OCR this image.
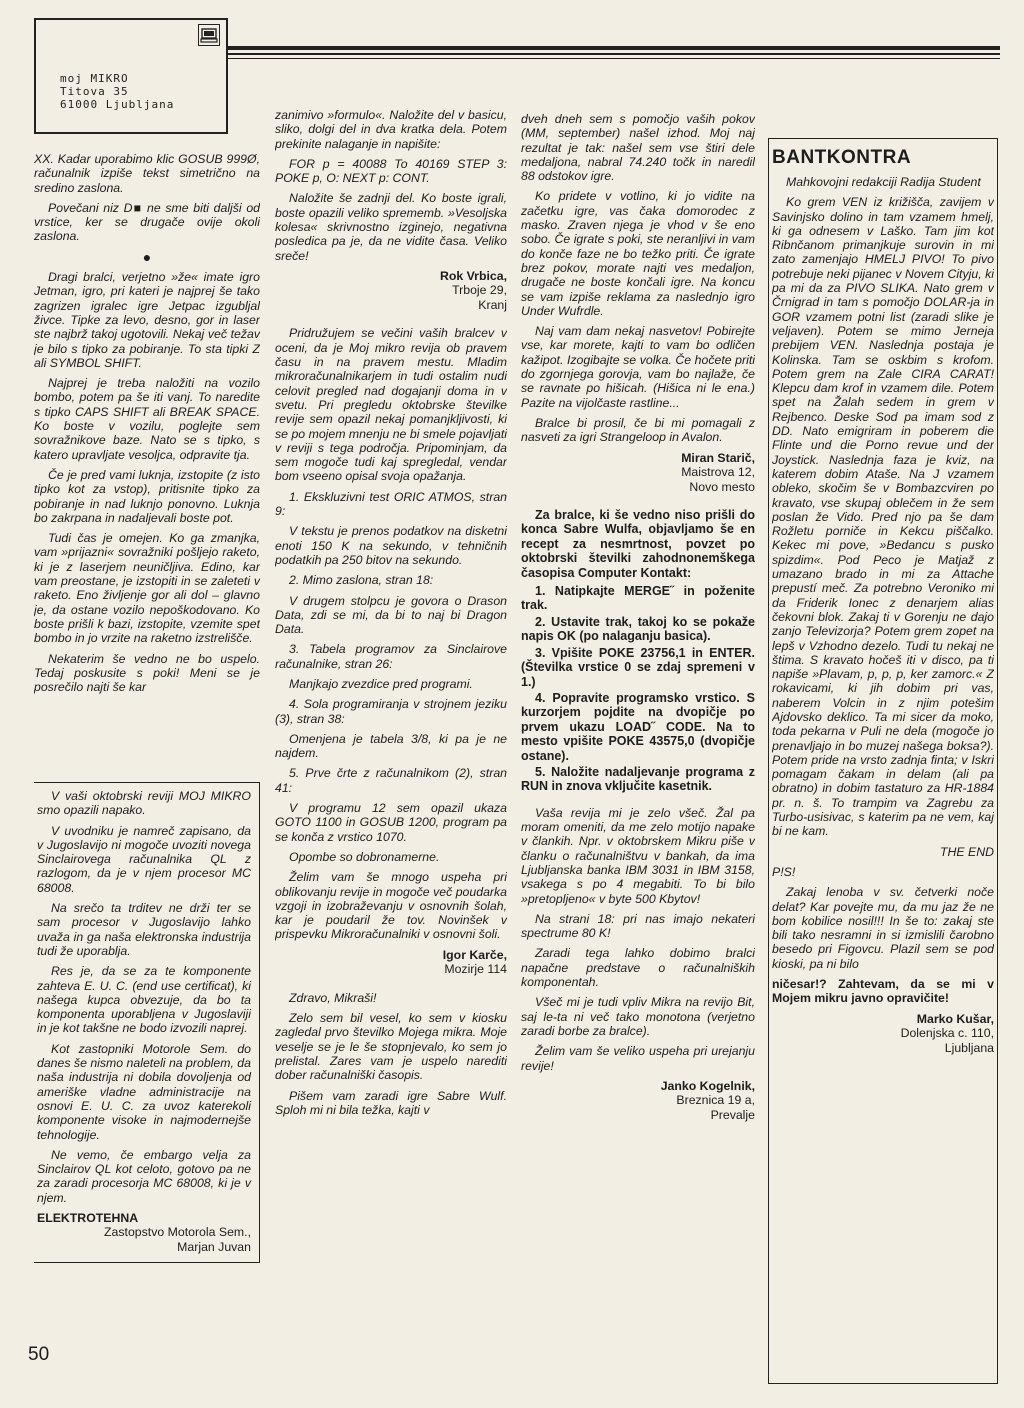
moj MIKRO
Titova 35
61000 Ljubljana

XX. Kadar uporabimo klic GOSUB 999Ø, računalnik izpiše tekst simetrično na sredino zaslona.

Povečani niz D■ ne sme biti daljši od vrstice, ker se drugače ovije okoli zaslona.

●

Dragi bralci, verjetno »že« imate igro Jetman, igro, pri kateri je najprej še tako zagrizen igralec igre Jetpac izgubljal živce. Tipke za levo, desno, gor in laser ste najbrž takoj ugotovili. Nekaj več težav je bilo s tipko za pobiranje. To sta tipki Z ali SYMBOL SHIFT.

Najprej je treba naložiti na vozilo bombo, potem pa še iti vanj. To naredite s tipko CAPS SHIFT ali BREAK SPACE. Ko boste v vozilu, poglejte sem sovražnikove baze. Nato se s tipko, s katero upravljate vesoljca, odpravite tja.

Če je pred vami luknja, izstopite (z isto tipko kot za vstop), pritisnite tipko za pobiranje in nad luknjo ponovno. Luknja bo zakrpana in nadaljevali boste pot.

Tudi čas je omejen. Ko ga zmanjka, vam »prijazni« sovražniki pošljejo raketo, ki je z laserjem neuničljiva. Edino, kar vam preostane, je izstopiti in se zaleteti v raketo. Eno življenje gor ali dol – glavno je, da ostane vozilo nepoškodovano. Ko boste prišli k bazi, izstopite, vzemite spet bombo in jo vrzite na raketno izstrelišče.

Nekaterim še vedno ne bo uspelo. Tedaj poskusite s poki! Meni se je posrečilo najti še kar

V vaši oktobrski reviji MOJ MIKRO smo opazili napako.

V uvodniku je namreč zapisano, da v Jugoslavijo ni mogoče uvoziti novega Sinclairovega računalnika QL z razlogom, da je v njem procesor MC 68008.

Na srečo ta trditev ne drži ter se sam procesor v Jugoslavijo lahko uvaža in ga naša elektronska industrija tudi že uporablja.

Res je, da se za te komponente zahteva E. U. C. (end use certificat), ki našega kupca obvezuje, da bo ta komponenta uporabljena v Jugoslaviji in je kot takšne ne bodo izvozili naprej.

Kot zastopniki Motorole Sem. do danes še nismo naleteli na problem, da naša industrija ni dobila dovoljenja od ameriške vladne administracije na osnovi E. U. C. za uvoz katerekoli komponente visoke in najmodernejše tehnologije.

Ne vemo, če embargo velja za Sinclairov QL kot celoto, gotovo pa ne za zaradi procesorja MC 68008, ki je v njem.

ELEKTROTEHNA
Zastopstvo Motorola Sem.,
Marjan Juvan

zanimivo »formulo«. Naložite del v basicu, sliko, dolgi del in dva kratka dela. Potem prekinite nalaganje in napišite:

FOR p = 40088 To 40169 STEP 3: POKE p, O: NEXT p: CONT.

Naložite še zadnji del. Ko boste igrali, boste opazili veliko sprememb. »Vesoljska kolesa« skrivnostno izginejo, negativna posledica pa je, da ne vidite časa. Veliko sreče!

Rok Vrbica,
Trboje 29,
Kranj

Pridružujem se večini vaših bralcev v oceni, da je Moj mikro revija ob pravem času in na pravem mestu. Mladim mikroračunalnikarjem in tudi ostalim nudi celovit pregled nad dogajanji doma in v svetu. Pri pregledu oktobrske številke revije sem opazil nekaj pomanjkljivosti, ki se po mojem mnenju ne bi smele pojavljati v reviji s tega področja. Pripominjam, da sem mogoče tudi kaj spregledal, vendar bom vseeno opisal svoja opažanja.

1. Ekskluzivni test ORIC ATMOS, stran 9:

V tekstu je prenos podatkov na disketni enoti 150 K na sekundo, v tehničnih podatkih pa 250 bitov na sekundo.

2. Mimo zaslona, stran 18:

V drugem stolpcu je govora o Drason Data, zdi se mi, da bi to naj bi Dragon Data.

3. Tabela programov za Sinclairove računalnike, stran 26:

Manjkajo zvezdice pred programi.

4. Sola programiranja v strojnem jeziku (3), stran 38:

Omenjena je tabela 3/8, ki pa je ne najdem.

5. Prve črte z računalnikom (2), stran 41:

V programu 12 sem opazil ukaza GOTO 1100 in GOSUB 1200, program pa se konča z vrstico 1070.

Opombe so dobronamerne.

Želim vam še mnogo uspeha pri oblikovanju revije in mogoče več poudarka vzgoji in izobraževanju v osnovnih šolah, kar je poudaril že tov. Novinšek v prispevku Mikroračunalniki v osnovni šoli.

Igor Karče,
Mozirje 114

Zdravo, Mikraši!

Zelo sem bil vesel, ko sem v kiosku zagledal prvo številko Mojega mikra. Moje veselje se je le še stopnjevalo, ko sem jo prelistal. Zares vam je uspelo narediti dober računalniški časopis.

Pišem vam zaradi igre Sabre Wulf. Sploh mi ni bila težka, kajti v

dveh dneh sem s pomočjo vaših pokov (MM, september) našel izhod. Moj naj rezultat je tak: našel sem vse štiri dele medaljona, nabral 74.240 točk in naredil 88 odstokov igre.

Ko pridete v votlino, ki jo vidite na začetku igre, vas čaka domorodec z masko. Zraven njega je vhod v še eno sobo. Če igrate s poki, ste neranljivi in vam do konče faze ne bo težko priti. Če igrate brez pokov, morate najti ves medaljon, drugače ne boste končali igre. Na koncu se vam izpiše reklama za naslednjo igro Under Wufrdle.

Naj vam dam nekaj nasvetov! Pobirejte vse, kar morete, kajti to vam bo odličen kažipot. Izogibajte se volka. Če hočete priti do zgornjega gorovja, vam bo najlaže, če se ravnate po hišicah. (Hišica ni le ena.) Pazite na vijolčaste rastline...

Bralce bi prosil, če bi mi pomagali z nasveti za igri Strangeloop in Avalon.

Miran Starič,
Maistrova 12,
Novo mesto

Za bralce, ki še vedno niso prišli do konca Sabre Wulfa, objavljamo še en recept za nesmrtnost, povzet po oktobrski številki zahodnonemškega časopisa Computer Kontakt:

1. Natipkajte MERGE˝ in poženite trak.

2. Ustavite trak, takoj ko se pokaže napis OK (po nalaganju basica).

3. Vpišite POKE 23756,1 in ENTER. (Številka vrstice 0 se zdaj spremeni v 1.)

4. Popravite programsko vrstico. S kurzorjem pojdite na dvopičje po prvem ukazu LOAD˝ CODE. Na to mesto vpišite POKE 43575,0 (dvopičje ostane).

5. Naložite nadaljevanje programa z RUN in znova vključite kasetnik.

Vaša revija mi je zelo všeč. Žal pa moram omeniti, da me zelo motijo napake v člankih. Npr. v oktobrskem Mikru piše v članku o računalništvu v bankah, da ima Ljubljanska banka IBM 3031 in IBM 3158, vsakega s po 4 megabiti. To bi bilo »pretopljeno« v byte 500 Kbytov!

Na strani 18: pri nas imajo nekateri spectrume 80 K!

Zaradi tega lahko dobimo bralci napačne predstave o računalniških komponentah.

Všeč mi je tudi vpliv Mikra na revijo Bit, saj le-ta ni več tako monotona (verjetno zaradi borbe za bralce).

Želim vam še veliko uspeha pri urejanju revije!

Janko Kogelnik,
Breznica 19 a,
Prevalje
BANTKONTRA

Mahkovojni redakciji Radija Student

Ko grem VEN iz križišča, zavijem v Savinjsko dolino in tam vzamem hmelj, ki ga odnesem v Laško. Tam jim kot Ribnčanom primanjkuje surovin in mi zato zamenjajo HMELJ PIVO! To pivo potrebuje neki pijanec v Novem Cityju, ki pa mi da za PIVO SLIKA. Nato grem v Črnigrad in tam s pomočjo DOLAR-ja in GOR vzamem potni list (zaradi slike je veljaven). Potem se mimo Jerneja prebijem VEN. Naslednja postaja je Kolinska. Tam se oskbim s krofom. Potem grem na Zale CIRA CARAT! Klepcu dam krof in vzamem dile. Potem spet na Žalah sedem in grem v Rejbenco. Deske Sod pa imam sod z DD. Nato emigriram in poberem die Flinte und die Porno revue und der Joystick. Naslednja faza je kviz, na katerem dobim Ataše. Na J vzamem obleko, skočim še v Bombazcviren po kravato, vse skupaj oblečem in že sem poslan že Vido. Pred njo pa še dam Rožletu porniče in Kekcu piščalko. Kekec mi pove, »Bedancu s pusko spizdim«. Pod Peco je Matjaž z umazano brado in mi za Attache prepustí meč. Za potrebno Veroniko mi da Friderik Ionec z denarjem alias čekovni blok. Zakaj ti v Gorenju ne dajo zanjo Televizorja? Potem grem zopet na lepš v Vzhodno dezelo. Tudi tu nekaj ne štima. S kravato hočeš iti v disco, pa ti napiše »Plavam, p, p, p, ker zamorc.« Z rokavicami, ki jih dobim pri vas, naberem Volcin in z njim potešim Ajdovsko deklico. Ta mi sicer da moko, toda pekarna v Puli ne dela (mogoče jo prenavljajo in bo muzej našega boksa?). Potem pride na vrsto zadnja finta; v Iskri pomagam čakam in delam (ali pa obratno) in dobim tastaturo za HR-1884 pr. n. š. To trampim va Zagrebu za Turbo-usisivac, s katerim pa ne vem, kaj bi ne kam.

THE END

P!S!

Zakaj lenoba v sv. četverki noče delat? Kar povejte mu, da mu jaz že ne bom kobilice nosil!!! In še to: zakaj ste bili tako nesramni in si izmislili čarobno besedo pri Figovcu. Plazil sem se pod kioski, pa ni bilo

ničesar!? Zahtevam, da se mi v Mojem mikru javno opravičite!

Marko Kušar,
Dolenjska c. 110,
Ljubljana
50
